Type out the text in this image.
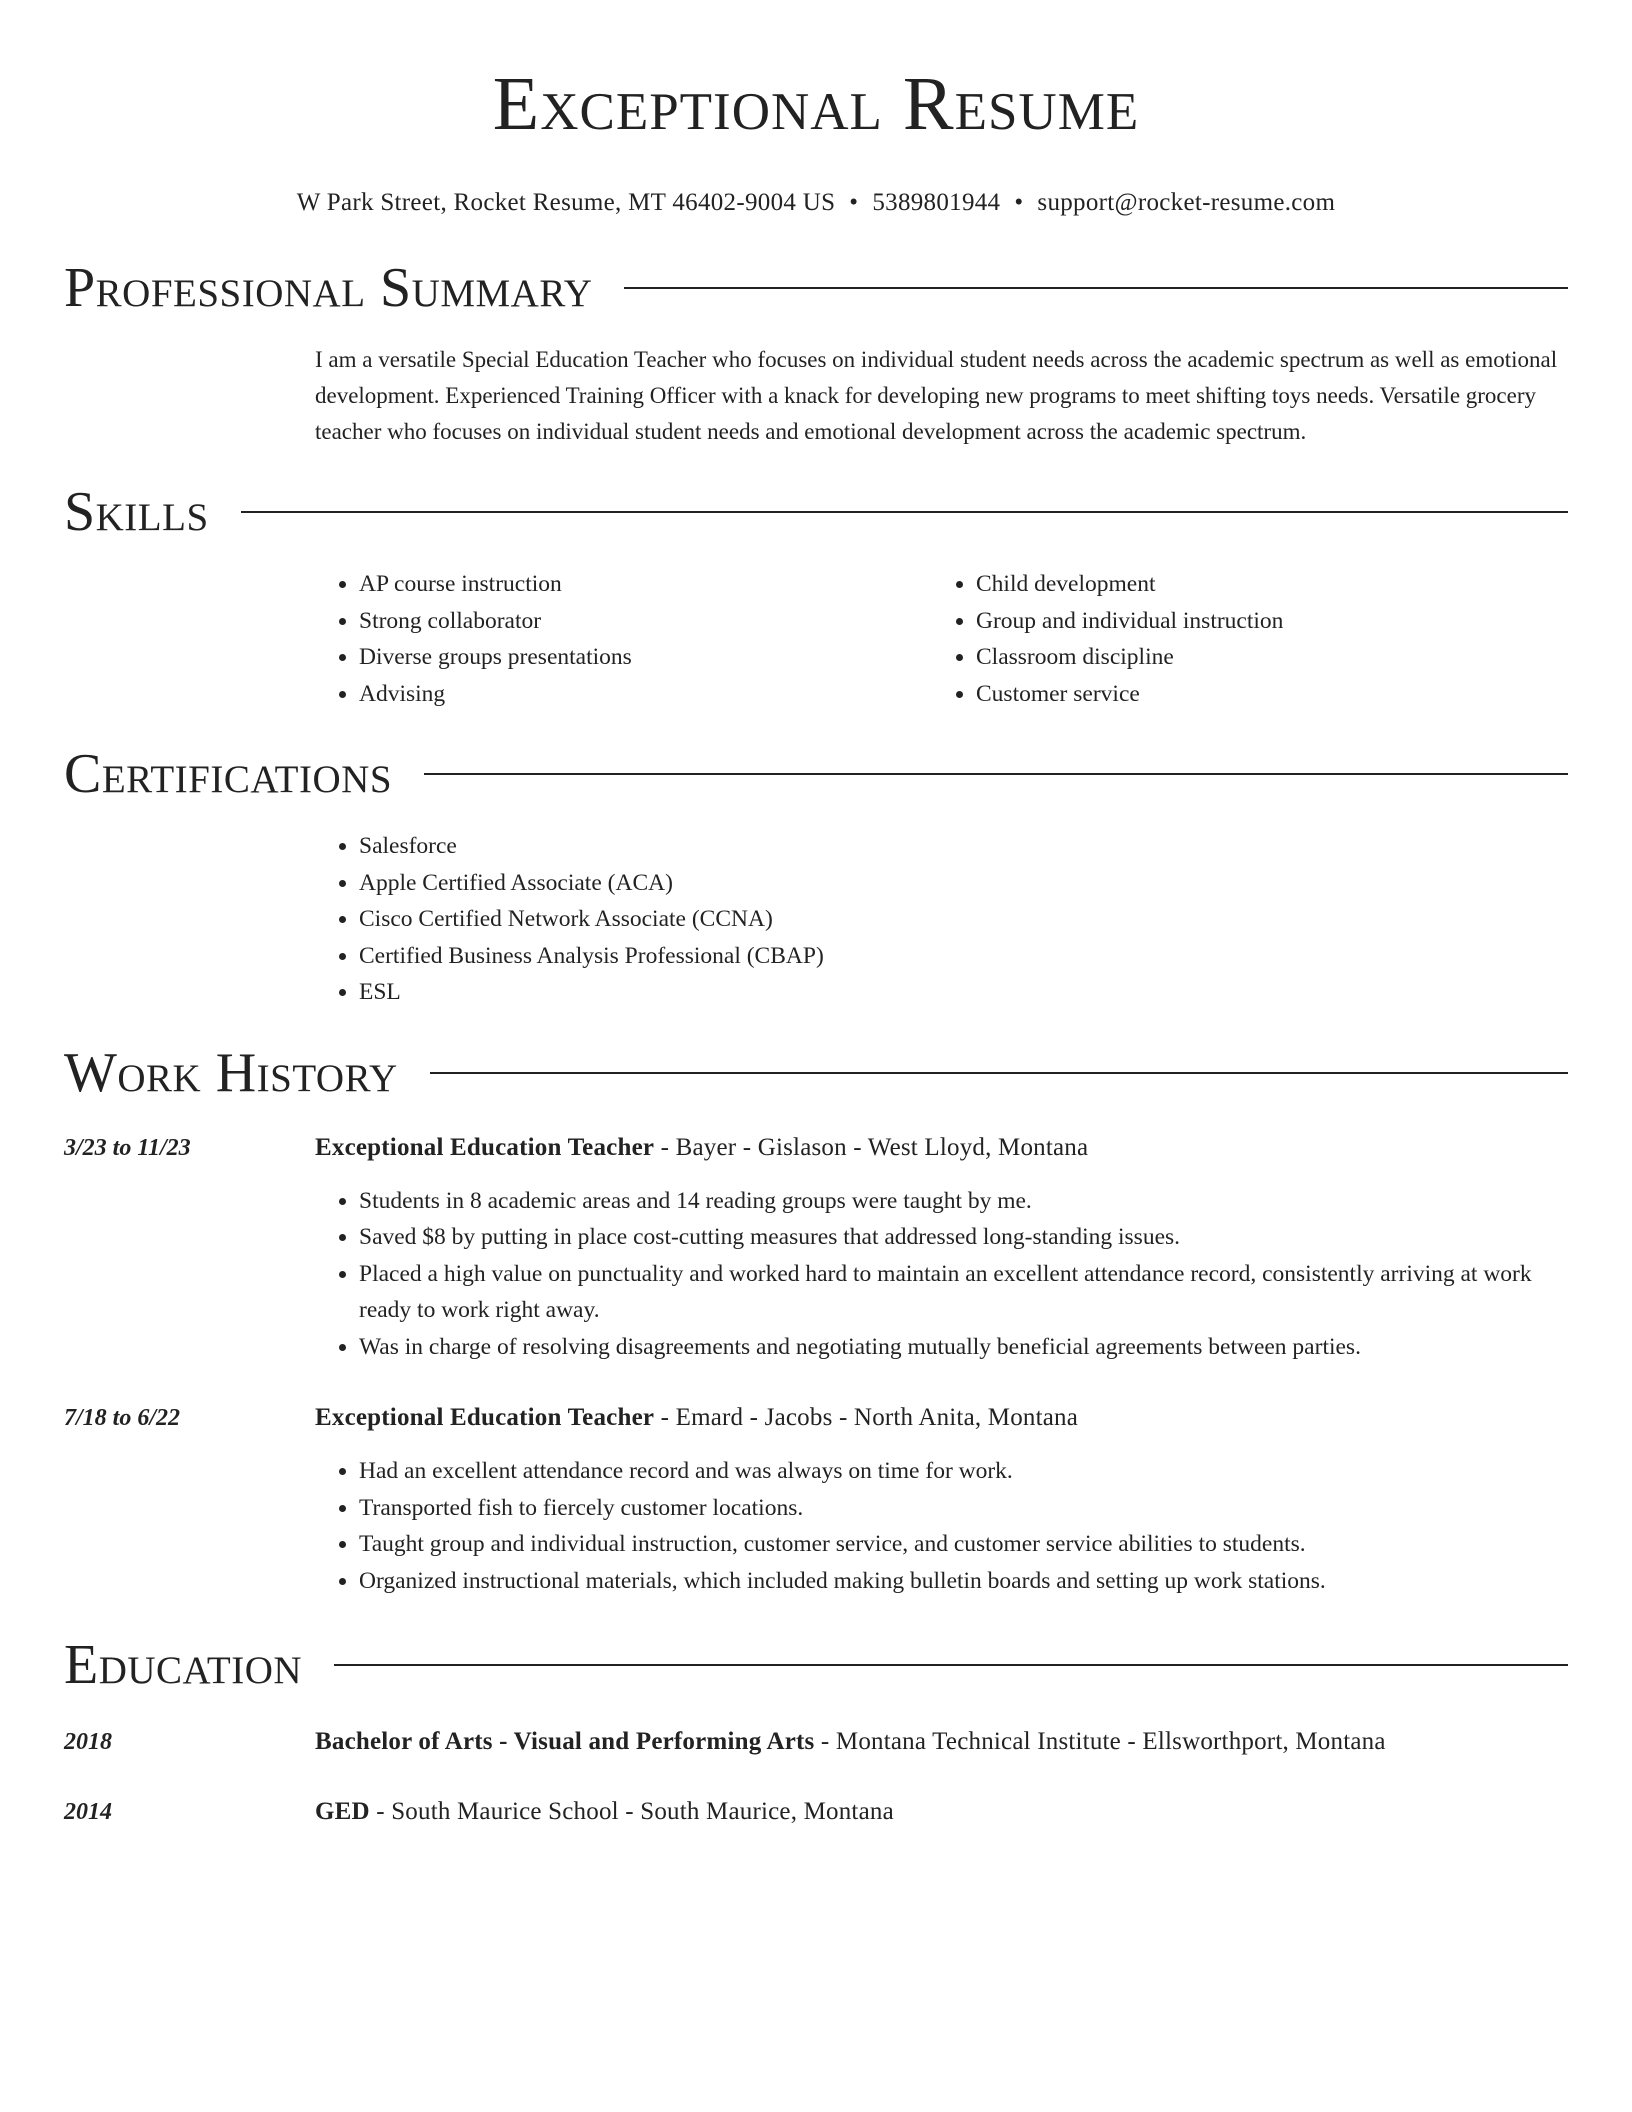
Exceptional Resume
W Park Street, Rocket Resume, MT 46402-9004 US • 5389801944 • support@rocket-resume.com
Professional Summary
I am a versatile Special Education Teacher who focuses on individual student needs across the academic spectrum as well as emotional development. Experienced Training Officer with a knack for developing new programs to meet shifting toys needs. Versatile grocery teacher who focuses on individual student needs and emotional development across the academic spectrum.
Skills
• AP course instruction
• Strong collaborator
• Diverse groups presentations
• Advising
• Child development
• Group and individual instruction
• Classroom discipline
• Customer service
Certifications
• Salesforce
• Apple Certified Associate (ACA)
• Cisco Certified Network Associate (CCNA)
• Certified Business Analysis Professional (CBAP)
• ESL
Work History
3/23 to 11/23	Exceptional Education Teacher - Bayer - Gislason - West Lloyd, Montana
• Students in 8 academic areas and 14 reading groups were taught by me.
• Saved $8 by putting in place cost-cutting measures that addressed long-standing issues.
• Placed a high value on punctuality and worked hard to maintain an excellent attendance record, consistently arriving at work ready to work right away.
• Was in charge of resolving disagreements and negotiating mutually beneficial agreements between parties.
7/18 to 6/22	Exceptional Education Teacher - Emard - Jacobs - North Anita, Montana
• Had an excellent attendance record and was always on time for work.
• Transported fish to fiercely customer locations.
• Taught group and individual instruction, customer service, and customer service abilities to students.
• Organized instructional materials, which included making bulletin boards and setting up work stations.
Education
2018	Bachelor of Arts - Visual and Performing Arts - Montana Technical Institute - Ellsworthport, Montana
2014	GED - South Maurice School - South Maurice, Montana
